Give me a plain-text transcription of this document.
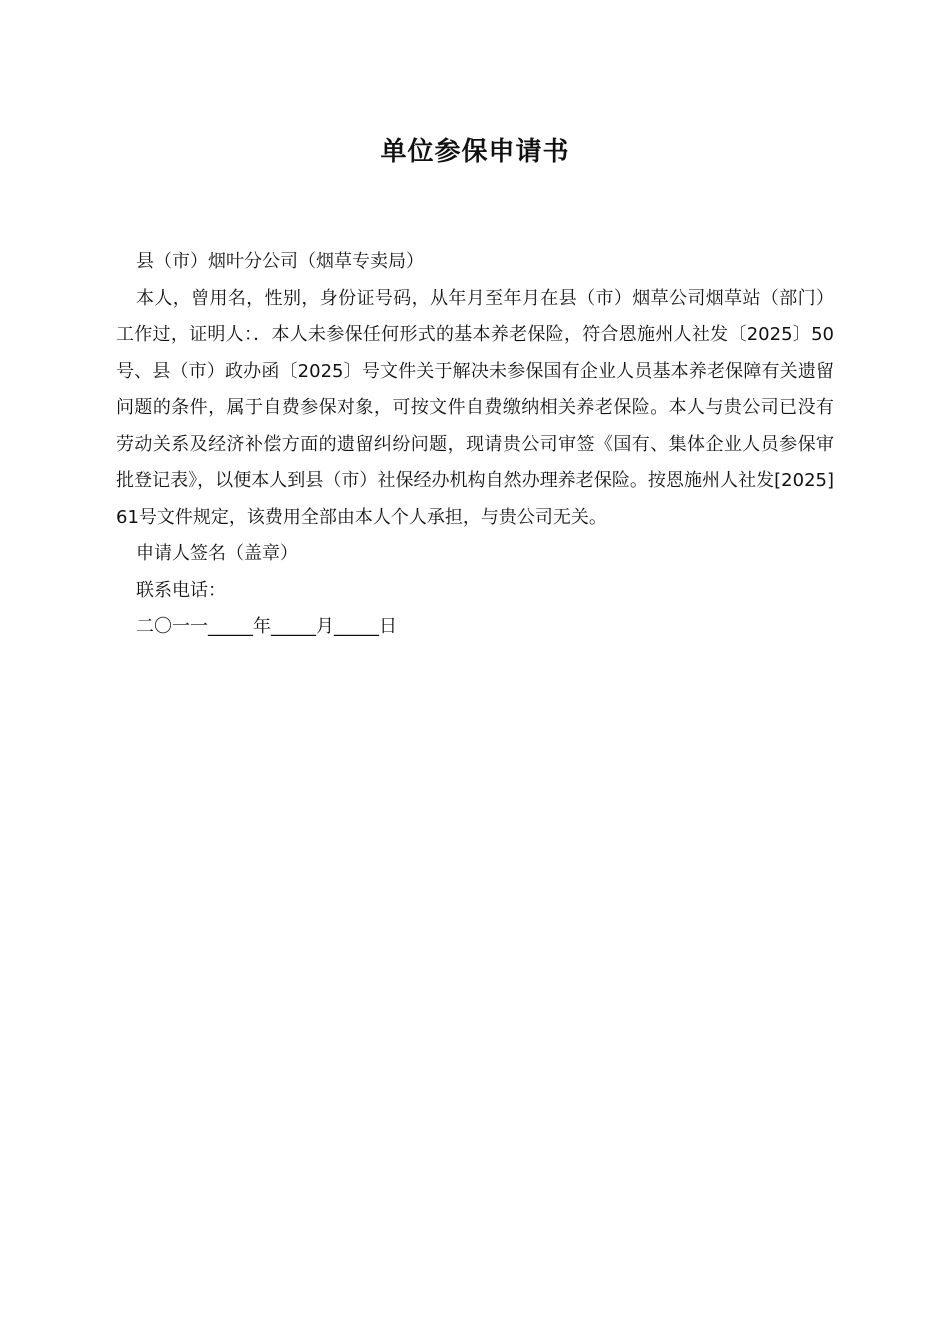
单位参保申请书

县（市）烟叶分公司（烟草专卖局）

本人，曾用名，性别，身份证号码，从年月至年月在县（市）烟草公司烟草站（部门）工作过，证明人：．本人未参保任何形式的基本养老保险，符合恩施州人社发〔2025〕50号、县（市）政办函〔2025〕号文件关于解决未参保国有企业人员基本养老保障有关遗留问题的条件，属于自费参保对象，可按文件自费缴纳相关养老保险。本人与贵公司已没有劳动关系及经济补偿方面的遗留纠纷问题，现请贵公司审签《国有、集体企业人员参保审批登记表》，以便本人到县（市）社保经办机构自然办理养老保险。按恩施州人社发[2025]61号文件规定，该费用全部由本人个人承担，与贵公司无关。

申请人签名（盖章）

联系电话：

二〇一一_____年_____月_____日
